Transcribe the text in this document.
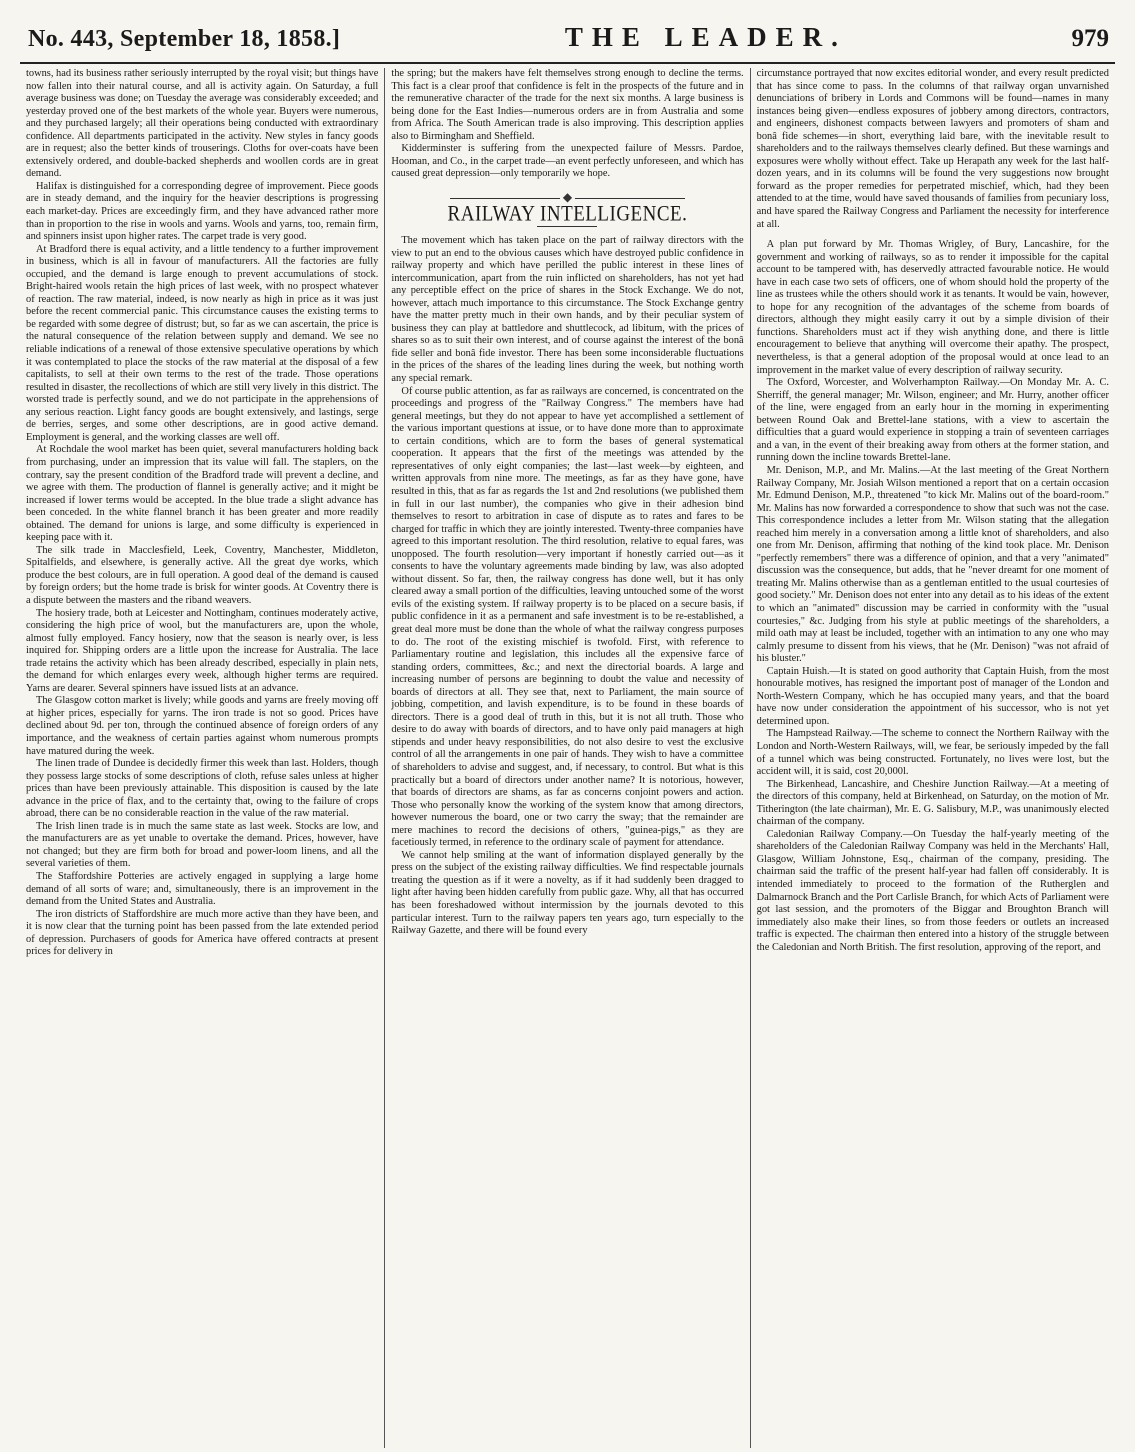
No. 443, September 18, 1858.]	THE LEADER.	979

towns, had its business rather seriously interrupted by the royal visit; but things have now fallen into their natural course, and all is activity again. On Saturday, a full average business was done; on Tuesday the average was considerably exceeded; and yesterday proved one of the best markets of the whole year. Buyers were numerous, and they purchased largely; all their operations being conducted with extraordinary confidence. All departments participated in the activity. New styles in fancy goods are in request; also the better kinds of trouserings. Cloths for over-coats have been extensively ordered, and double-backed shepherds and woollen cords are in great demand.

Halifax is distinguished for a corresponding degree of improvement. Piece goods are in steady demand, and the inquiry for the heavier descriptions is progressing each market-day. Prices are exceedingly firm, and they have advanced rather more than in proportion to the rise in wools and yarns. Wools and yarns, too, remain firm, and spinners insist upon higher rates. The carpet trade is very good.

At Bradford there is equal activity, and a little tendency to a further improvement in business, which is all in favour of manufacturers. All the factories are fully occupied, and the demand is large enough to prevent accumulations of stock. Bright-haired wools retain the high prices of last week, with no prospect whatever of reaction. The raw material, indeed, is now nearly as high in price as it was just before the recent commercial panic. This circumstance causes the existing terms to be regarded with some degree of distrust; but, so far as we can ascertain, the price is the natural consequence of the relation between supply and demand. We see no reliable indications of a renewal of those extensive speculative operations by which it was contemplated to place the stocks of the raw material at the disposal of a few capitalists, to sell at their own terms to the rest of the trade. Those operations resulted in disaster, the recollections of which are still very lively in this district. The worsted trade is perfectly sound, and we do not participate in the apprehensions of any serious reaction. Light fancy goods are bought extensively, and lastings, serge de berries, serges, and some other descriptions, are in good active demand. Employment is general, and the working classes are well off.

At Rochdale the wool market has been quiet, several manufacturers holding back from purchasing, under an impression that its value will fall. The staplers, on the contrary, say the present condition of the Bradford trade will prevent a decline, and we agree with them. The production of flannel is generally active; and it might be increased if lower terms would be accepted. In the blue trade a slight advance has been conceded. In the white flannel branch it has been greater and more readily obtained. The demand for unions is large, and some difficulty is experienced in keeping pace with it.

The silk trade in Macclesfield, Leek, Coventry, Manchester, Middleton, Spitalfields, and elsewhere, is generally active. All the great dye works, which produce the best colours, are in full operation. A good deal of the demand is caused by foreign orders; but the home trade is brisk for winter goods. At Coventry there is a dispute between the masters and the riband weavers.

The hosiery trade, both at Leicester and Nottingham, continues moderately active, considering the high price of wool, but the manufacturers are, upon the whole, almost fully employed. Fancy hosiery, now that the season is nearly over, is less inquired for. Shipping orders are a little upon the increase for Australia. The lace trade retains the activity which has been already described, especially in plain nets, the demand for which enlarges every week, although higher terms are required. Yarns are dearer. Several spinners have issued lists at an advance.

The Glasgow cotton market is lively; while goods and yarns are freely moving off at higher prices, especially for yarns. The iron trade is not so good. Prices have declined about 9d. per ton, through the continued absence of foreign orders of any importance, and the weakness of certain parties against whom numerous prompts have matured during the week.

The linen trade of Dundee is decidedly firmer this week than last. Holders, though they possess large stocks of some descriptions of cloth, refuse sales unless at higher prices than have been previously attainable. This disposition is caused by the late advance in the price of flax, and to the certainty that, owing to the failure of crops abroad, there can be no considerable reaction in the value of the raw material.

The Irish linen trade is in much the same state as last week. Stocks are low, and the manufacturers are as yet unable to overtake the demand. Prices, however, have not changed; but they are firm both for broad and power-loom linens, and all the several varieties of them.

The Staffordshire Potteries are actively engaged in supplying a large home demand of all sorts of ware; and, simultaneously, there is an improvement in the demand from the United States and Australia.

The iron districts of Staffordshire are much more active than they have been, and it is now clear that the turning point has been passed from the late extended period of depression. Purchasers of goods for America have offered contracts at present prices for delivery in

the spring; but the makers have felt themselves strong enough to decline the terms. This fact is a clear proof that confidence is felt in the prospects of the future and in the remunerative character of the trade for the next six months. A large business is being done for the East Indies—numerous orders are in from Australia and some from Africa. The South American trade is also improving. This description applies also to Birmingham and Sheffield.

Kidderminster is suffering from the unexpected failure of Messrs. Pardoe, Hooman, and Co., in the carpet trade—an event perfectly unforeseen, and which has caused great depression—only temporarily we hope.

◆
RAILWAY INTELLIGENCE.

The movement which has taken place on the part of railway directors with the view to put an end to the obvious causes which have destroyed public confidence in railway property and which have perilled the public interest in these lines of intercommunication, apart from the ruin inflicted on shareholders, has not yet had any perceptible effect on the price of shares in the Stock Exchange. We do not, however, attach much importance to this circumstance. The Stock Exchange gentry have the matter pretty much in their own hands, and by their peculiar system of business they can play at battledore and shuttlecock, ad libitum, with the prices of shares so as to suit their own interest, and of course against the interest of the bonâ fide seller and bonâ fide investor. There has been some inconsiderable fluctuations in the prices of the shares of the leading lines during the week, but nothing worth any special remark.

Of course public attention, as far as railways are concerned, is concentrated on the proceedings and progress of the "Railway Congress." The members have had general meetings, but they do not appear to have yet accomplished a settlement of the various important questions at issue, or to have done more than to approximate to certain conditions, which are to form the bases of general systematical cooperation. It appears that the first of the meetings was attended by the representatives of only eight companies; the last—last week—by eighteen, and written approvals from nine more. The meetings, as far as they have gone, have resulted in this, that as far as regards the 1st and 2nd resolutions (we published them in full in our last number), the companies who give in their adhesion bind themselves to resort to arbitration in case of dispute as to rates and fares to be charged for traffic in which they are jointly interested. Twenty-three companies have agreed to this important resolution. The third resolution, relative to equal fares, was unopposed. The fourth resolution—very important if honestly carried out—as it consents to have the voluntary agreements made binding by law, was also adopted without dissent. So far, then, the railway congress has done well, but it has only cleared away a small portion of the difficulties, leaving untouched some of the worst evils of the existing system. If railway property is to be placed on a secure basis, if public confidence in it as a permanent and safe investment is to be re-established, a great deal more must be done than the whole of what the railway congress purposes to do. The root of the existing mischief is twofold. First, with reference to Parliamentary routine and legislation, this includes all the expensive farce of standing orders, committees, &c.; and next the directorial boards. A large and increasing number of persons are beginning to doubt the value and necessity of boards of directors at all. They see that, next to Parliament, the main source of jobbing, competition, and lavish expenditure, is to be found in these boards of directors. There is a good deal of truth in this, but it is not all truth. Those who desire to do away with boards of directors, and to have only paid managers at high stipends and under heavy responsibilities, do not also desire to vest the exclusive control of all the arrangements in one pair of hands. They wish to have a committee of shareholders to advise and suggest, and, if necessary, to control. But what is this practically but a board of directors under another name? It is notorious, however, that boards of directors are shams, as far as concerns conjoint powers and action. Those who personally know the working of the system know that among directors, however numerous the board, one or two carry the sway; that the remainder are mere machines to record the decisions of others, "guinea-pigs," as they are facetiously termed, in reference to the ordinary scale of payment for attendance.

We cannot help smiling at the want of information displayed generally by the press on the subject of the existing railway difficulties. We find respectable journals treating the question as if it were a novelty, as if it had suddenly been dragged to light after having been hidden carefully from public gaze. Why, all that has occurred has been foreshadowed without intermission by the journals devoted to this particular interest. Turn to the railway papers ten years ago, turn especially to the Railway Gazette, and there will be found every

circumstance portrayed that now excites editorial wonder, and every result predicted that has since come to pass. In the columns of that railway organ unvarnished denunciations of bribery in Lords and Commons will be found—names in many instances being given—endless exposures of jobbery among directors, contractors, and engineers, dishonest compacts between lawyers and promoters of sham and bonâ fide schemes—in short, everything laid bare, with the inevitable result to shareholders and to the railways themselves clearly defined. But these warnings and exposures were wholly without effect. Take up Herapath any week for the last half-dozen years, and in its columns will be found the very suggestions now brought forward as the proper remedies for perpetrated mischief, which, had they been attended to at the time, would have saved thousands of families from pecuniary loss, and have spared the Railway Congress and Parliament the necessity for interference at all.

A plan put forward by Mr. Thomas Wrigley, of Bury, Lancashire, for the government and working of railways, so as to render it impossible for the capital account to be tampered with, has deservedly attracted favourable notice. He would have in each case two sets of officers, one of whom should hold the property of the line as trustees while the others should work it as tenants. It would be vain, however, to hope for any recognition of the advantages of the scheme from boards of directors, although they might easily carry it out by a simple division of their functions. Shareholders must act if they wish anything done, and there is little encouragement to believe that anything will overcome their apathy. The prospect, nevertheless, is that a general adoption of the proposal would at once lead to an improvement in the market value of every description of railway security.

The Oxford, Worcester, and Wolverhampton Railway.—On Monday Mr. A. C. Sherriff, the general manager; Mr. Wilson, engineer; and Mr. Hurry, another officer of the line, were engaged from an early hour in the morning in experimenting between Round Oak and Brettel-lane stations, with a view to ascertain the difficulties that a guard would experience in stopping a train of seventeen carriages and a van, in the event of their breaking away from others at the former station, and running down the incline towards Brettel-lane.

Mr. Denison, M.P., and Mr. Malins.—At the last meeting of the Great Northern Railway Company, Mr. Josiah Wilson mentioned a report that on a certain occasion Mr. Edmund Denison, M.P., threatened "to kick Mr. Malins out of the board-room." Mr. Malins has now forwarded a correspondence to show that such was not the case. This correspondence includes a letter from Mr. Wilson stating that the allegation reached him merely in a conversation among a little knot of shareholders, and also one from Mr. Denison, affirming that nothing of the kind took place. Mr. Denison "perfectly remembers" there was a difference of opinion, and that a very "animated" discussion was the consequence, but adds, that he "never dreamt for one moment of treating Mr. Malins otherwise than as a gentleman entitled to the usual courtesies of good society." Mr. Denison does not enter into any detail as to his ideas of the extent to which an "animated" discussion may be carried in conformity with the "usual courtesies," &c. Judging from his style at public meetings of the shareholders, a mild oath may at least be included, together with an intimation to any one who may calmly presume to dissent from his views, that he (Mr. Denison) "was not afraid of his bluster."

Captain Huish.—It is stated on good authority that Captain Huish, from the most honourable motives, has resigned the important post of manager of the London and North-Western Company, which he has occupied many years, and that the board have now under consideration the appointment of his successor, who is not yet determined upon.

The Hampstead Railway.—The scheme to connect the Northern Railway with the London and North-Western Railways, will, we fear, be seriously impeded by the fall of a tunnel which was being constructed. Fortunately, no lives were lost, but the accident will, it is said, cost 20,000l.

The Birkenhead, Lancashire, and Cheshire Junction Railway.—At a meeting of the directors of this company, held at Birkenhead, on Saturday, on the motion of Mr. Titherington (the late chairman), Mr. E. G. Salisbury, M.P., was unanimously elected chairman of the company.

Caledonian Railway Company.—On Tuesday the half-yearly meeting of the shareholders of the Caledonian Railway Company was held in the Merchants' Hall, Glasgow, William Johnstone, Esq., chairman of the company, presiding. The chairman said the traffic of the present half-year had fallen off considerably. It is intended immediately to proceed to the formation of the Rutherglen and Dalmarnock Branch and the Port Carlisle Branch, for which Acts of Parliament were got last session, and the promoters of the Biggar and Broughton Branch will immediately also make their lines, so from those feeders or outlets an increased traffic is expected. The chairman then entered into a history of the struggle between the Caledonian and North British. The first resolution, approving of the report, and
